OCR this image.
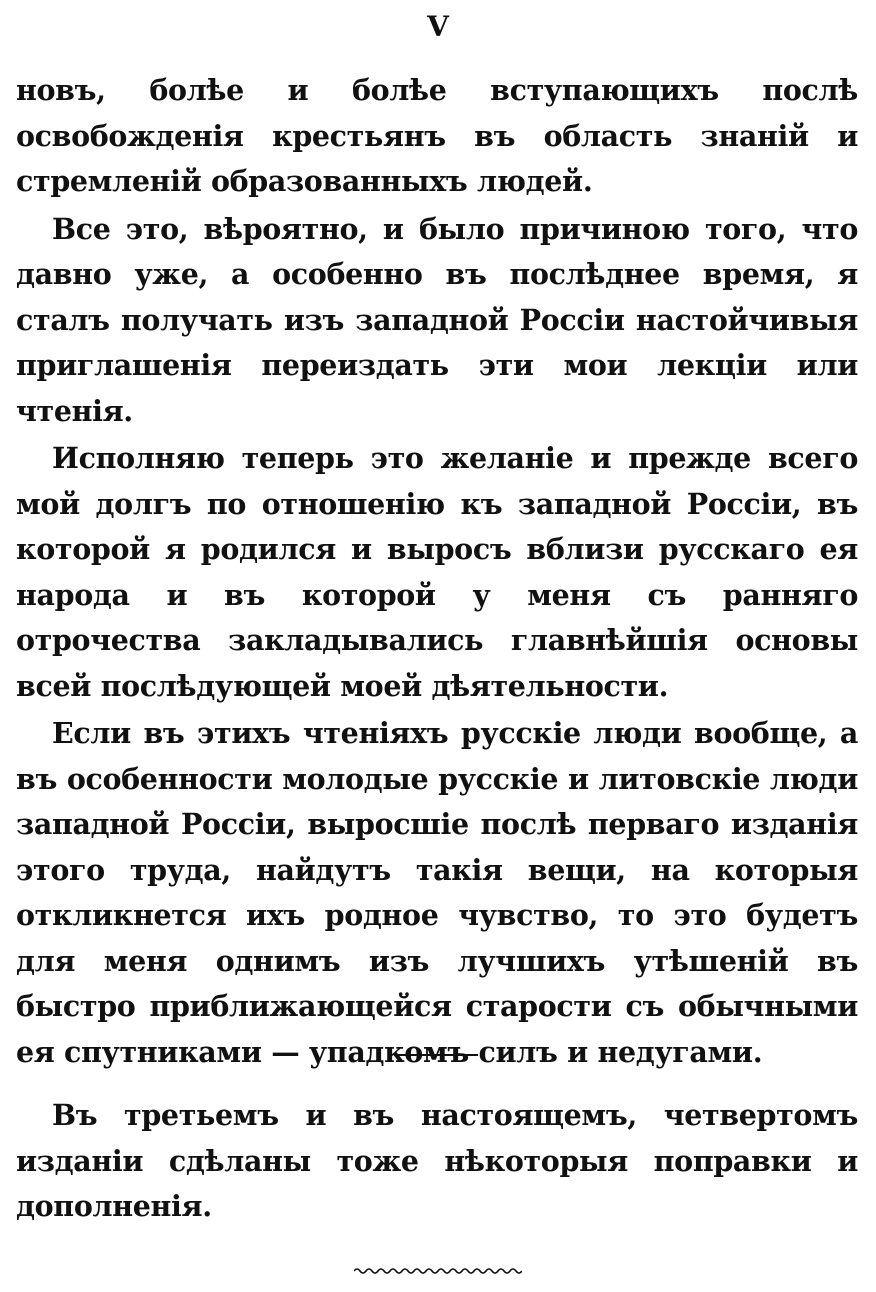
V

новъ, болѣе и болѣе вступающихъ послѣ освобожденія крестьянъ въ область знаній и стремленій образованныхъ людей.

Все это, вѣроятно, и было причиною того, что давно уже, а особенно въ послѣднее время, я сталъ получать изъ западной Россіи настойчивыя приглашенія переиздать эти мои лекціи или чтенія.

Исполняю теперь это желаніе и прежде всего мой долгъ по отношенію къ западной Россіи, въ которой я родился и выросъ вблизи русскаго ея народа и въ которой у меня съ ранняго отрочества закладывались главнѣйшія основы всей послѣдующей моей дѣятельности.

Если въ этихъ чтеніяхъ русскіе люди вообще, а въ особенности молодые русскіе и литовскіе люди западной Россіи, выросшіе послѣ перваго изданія этого труда, найдутъ такія вещи, на которыя откликнется ихъ родное чувство, то это будетъ для меня однимъ изъ лучшихъ утѣшеній въ быстро приближающейся старости съ обычными ея спутниками — упадкомъ силъ и недугами.

Въ третьемъ и въ настоящемъ, четвертомъ изданіи сдѣланы тоже нѣкоторыя поправки и дополненія.
